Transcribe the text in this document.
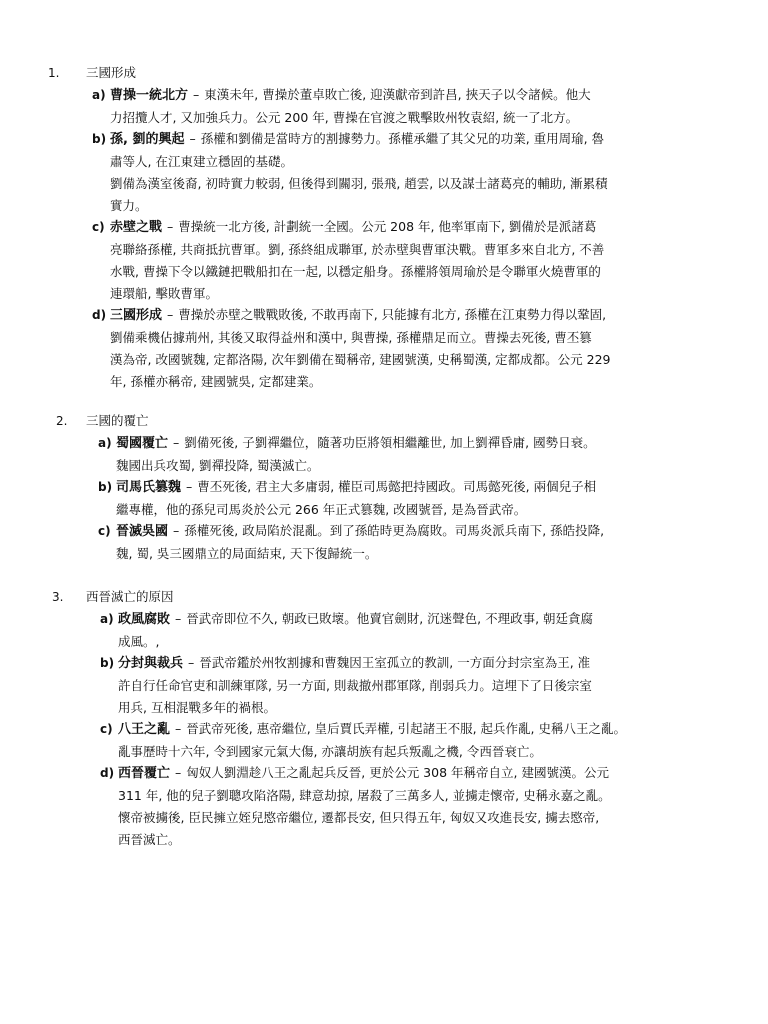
1. 三國形成
a) 曹操一統北方 – 東漢未年, 曹操於董卓敗亡後, 迎漢獻帝到許昌, 挾天子以令諸候。他大
力招攬人才, 又加強兵力。公元 200 年, 曹操在官渡之戰擊敗州牧袁紹, 統一了北方。
b) 孫, 劉的興起 – 孫權和劉備是當時方的割據勢力。孫權承繼了其父兄的功業, 重用周瑜, 魯
肅等人, 在江東建立穩固的基礎。
劉備為漢室後裔, 初時實力較弱, 但後得到關羽, 張飛, 趙雲, 以及謀士諸葛亮的輔助, 漸累積
實力。
c) 赤壁之戰 – 曹操統一北方後, 計劃統一全國。公元 208 年, 他率軍南下, 劉備於是派諸葛
亮聯絡孫權, 共商抵抗曹軍。劉, 孫終組成聯軍, 於赤壁與曹軍決戰。曹軍多來自北方, 不善
水戰, 曹操下令以鐵鏈把戰船扣在一起, 以穩定船身。孫權將領周瑜於是令聯軍火燒曹軍的
連環船, 擊敗曹軍。
d) 三國形成 – 曹操於赤壁之戰戰敗後, 不敢再南下, 只能據有北方, 孫權在江東勢力得以鞏固,
劉備乘機佔據荊州, 其後又取得益州和漢中, 與曹操, 孫權鼎足而立。曹操去死後, 曹丕篡
漢為帝, 改國號魏, 定都洛陽, 次年劉備在蜀稱帝, 建國號漢, 史稱蜀漢, 定都成都。公元 229
年, 孫權亦稱帝, 建國號吳, 定都建業。
2. 三國的覆亡
a) 蜀國覆亡 – 劉備死後, 子劉禪繼位，隨著功臣將領相繼離世, 加上劉禪昏庸, 國勢日衰。
魏國出兵攻蜀, 劉禪投降, 蜀漢滅亡。
b) 司馬氏篡魏 – 曹丕死後, 君主大多庸弱, 權臣司馬懿把持國政。司馬懿死後, 兩個兒子相
繼專權，他的孫兒司馬炎於公元 266 年正式篡魏, 改國號晉, 是為晉武帝。
c) 晉滅吳國 – 孫權死後, 政局陷於混亂。到了孫皓時更為腐敗。司馬炎派兵南下, 孫皓投降,
魏, 蜀, 吳三國鼎立的局面結束, 天下復歸統一。
3. 西晉滅亡的原因
a) 政風腐敗 – 晉武帝即位不久, 朝政已敗壞。他賣官劍財, 沉迷聲色, 不理政事, 朝廷貪腐
成風。,
b) 分封與裁兵 – 晉武帝鑑於州牧割據和曹魏因王室孤立的教訓, 一方面分封宗室為王, 准
許自行任命官吏和訓練軍隊, 另一方面, 則裁撤州郡軍隊, 削弱兵力。這埋下了日後宗室
用兵, 互相混戰多年的禍根。
c) 八王之亂 – 晉武帝死後, 惠帝繼位, 皇后賈氏弄權, 引起諸王不服, 起兵作亂, 史稱八王之亂。
亂事歷時十六年, 令到國家元氣大傷, 亦讓胡族有起兵叛亂之機, 令西晉衰亡。
d) 西晉覆亡 – 匈奴人劉淵趁八王之亂起兵反晉, 更於公元 308 年稱帝自立, 建國號漢。公元
311 年, 他的兒子劉聰攻陷洛陽, 肆意劫掠, 屠殺了三萬多人, 並擄走懷帝, 史稱永嘉之亂。
懷帝被擄後, 臣民擁立姪兒愍帝繼位, 遷都長安, 但只得五年, 匈奴又攻進長安, 擄去愍帝,
西晉滅亡。
